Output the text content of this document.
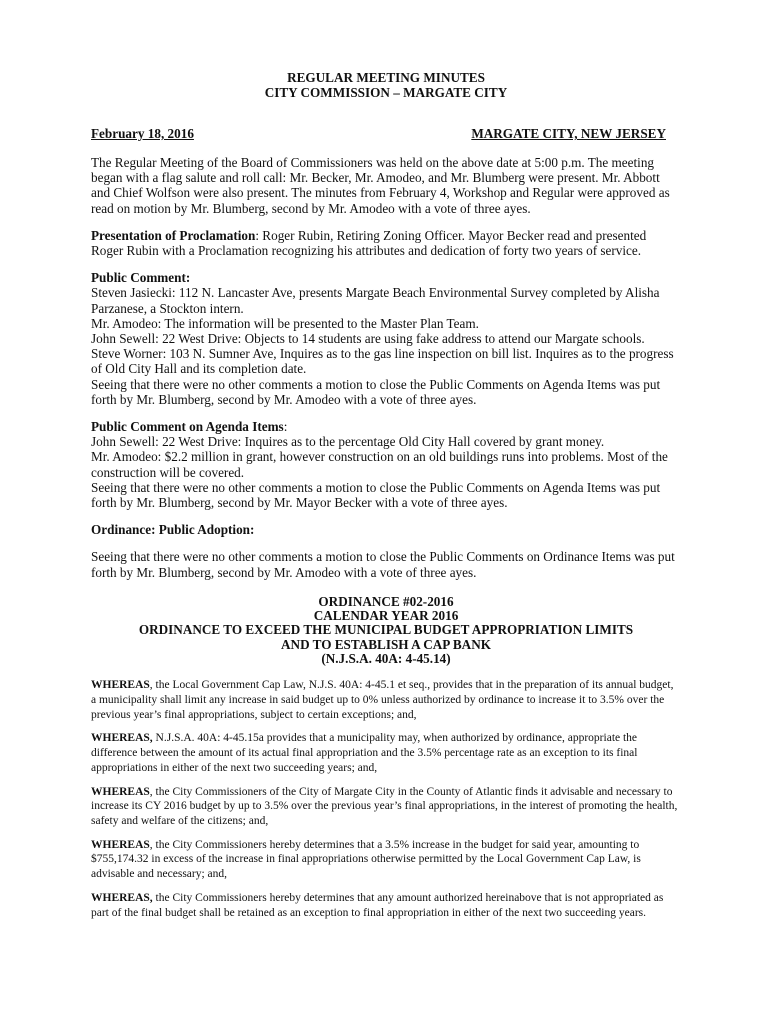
REGULAR MEETING MINUTES
CITY COMMISSION – MARGATE CITY
February 18, 2016	MARGATE CITY, NEW JERSEY

The Regular Meeting of the Board of Commissioners was held on the above date at 5:00 p.m. The meeting began with a flag salute and roll call: Mr. Becker, Mr. Amodeo, and Mr. Blumberg were present. Mr. Abbott and Chief Wolfson were also present. The minutes from February 4, Workshop and Regular were approved as read on motion by Mr. Blumberg, second by Mr. Amodeo with a vote of three ayes.

Presentation of Proclamation: Roger Rubin, Retiring Zoning Officer. Mayor Becker read and presented Roger Rubin with a Proclamation recognizing his attributes and dedication of forty two years of service.

Public Comment:

Steven Jasiecki: 112 N. Lancaster Ave, presents Margate Beach Environmental Survey completed by Alisha Parzanese, a Stockton intern.

Mr. Amodeo: The information will be presented to the Master Plan Team.

John Sewell: 22 West Drive: Objects to 14 students are using fake address to attend our Margate schools.

Steve Worner: 103 N. Sumner Ave, Inquires as to the gas line inspection on bill list. Inquires as to the progress of Old City Hall and its completion date.

Seeing that there were no other comments a motion to close the Public Comments on Agenda Items was put forth by Mr. Blumberg, second by Mr. Amodeo with a vote of three ayes.

Public Comment on Agenda Items:

John Sewell: 22 West Drive: Inquires as to the percentage Old City Hall covered by grant money.

Mr. Amodeo: $2.2 million in grant, however construction on an old buildings runs into problems. Most of the construction will be covered.

Seeing that there were no other comments a motion to close the Public Comments on Agenda Items was put forth by Mr. Blumberg, second by Mr. Mayor Becker with a vote of three ayes.

Ordinance: Public Adoption:

Seeing that there were no other comments a motion to close the Public Comments on Ordinance Items was put forth by Mr. Blumberg, second by Mr. Amodeo with a vote of three ayes.

ORDINANCE #02-2016
CALENDAR YEAR 2016
ORDINANCE TO EXCEED THE MUNICIPAL BUDGET APPROPRIATION LIMITS
AND TO ESTABLISH A CAP BANK
(N.J.S.A. 40A: 4-45.14)

WHEREAS, the Local Government Cap Law, N.J.S. 40A: 4-45.1 et seq., provides that in the preparation of its annual budget, a municipality shall limit any increase in said budget up to 0% unless authorized by ordinance to increase it to 3.5% over the previous year’s final appropriations, subject to certain exceptions; and,

WHEREAS, N.J.S.A. 40A: 4-45.15a provides that a municipality may, when authorized by ordinance, appropriate the difference between the amount of its actual final appropriation and the 3.5% percentage rate as an exception to its final appropriations in either of the next two succeeding years; and,

WHEREAS, the City Commissioners of the City of Margate City in the County of Atlantic finds it advisable and necessary to increase its CY 2016 budget by up to 3.5% over the previous year’s final appropriations, in the interest of promoting the health, safety and welfare of the citizens; and,

WHEREAS, the City Commissioners hereby determines that a 3.5% increase in the budget for said year, amounting to $755,174.32 in excess of the increase in final appropriations otherwise permitted by the Local Government Cap Law, is advisable and necessary; and,

WHEREAS, the City Commissioners hereby determines that any amount authorized hereinabove that is not appropriated as part of the final budget shall be retained as an exception to final appropriation in either of the next two succeeding years.
